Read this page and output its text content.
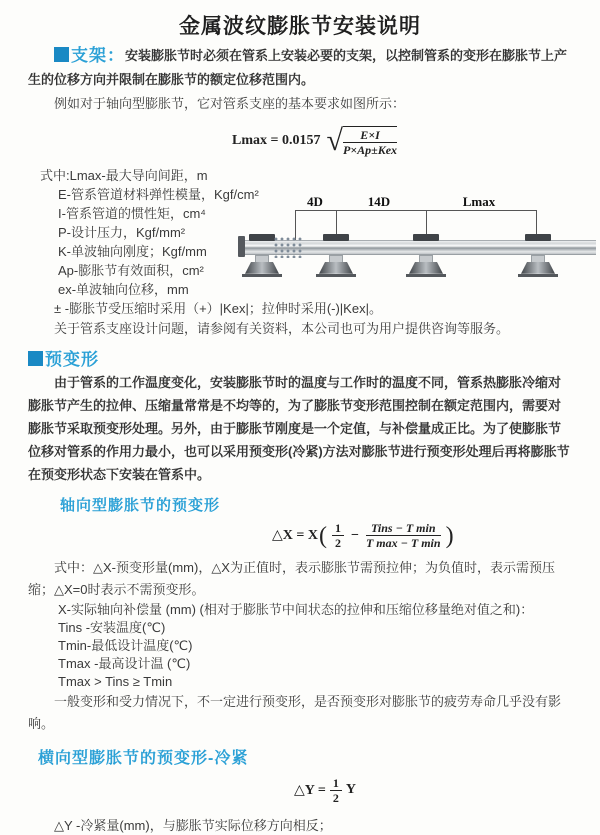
金属波纹膨胀节安装说明

支架：安装膨胀节时必须在管系上安装必要的支架，以控制管系的变形在膨胀节上产生的位移方向并限制在膨胀节的额定位移范围内。

例如对于轴向型膨胀节，它对管系支座的基本要求如图所示：

Lmax = 0.0157 √ $\frac{E\times I}{\text{P×Ap±Kex}}$

式中:Lmax-最大导向间距，m

E-管系管道材料弹性模量，Kgf/cm²

I-管系管道的惯性矩，cm⁴

P-设计压力，Kgf/mm²

K-单波轴向刚度；Kgf/mm

Ap-膨胀节有效面积，cm²

ex-单波轴向位移，mm

± -膨胀节受压缩时采用（+）|Kex|；拉伸时采用(-)|Kex|。

关于管系支座设计问题，请参阅有关资料，本公司也可为用户提供咨询等服务。

4D	14D	Lmax

预变形

由于管系的工作温度变化，安装膨胀节时的温度与工作时的温度不同，管系热膨胀冷缩对膨胀节产生的拉伸、压缩量常常是不均等的，为了膨胀节变形范围控制在额定范围内，需要对膨胀节采取预变形处理。另外，由于膨胀节刚度是一个定值，与补偿量成正比。为了使膨胀节位移对管系的作用力最小，也可以采用预变形(冷紧)方法对膨胀节进行预变形处理后再将膨胀节在预变形状态下安装在管系中。

轴向型膨胀节的预变形
△X = X ( $\frac{1}{2} - \frac{\text{Tins − T min}}{\text{T max − T min}}$ )

式中：△X-预变形量(mm)，△X为正值时，表示膨胀节需预拉伸；为负值时，表示需预压缩；△X=0时表示不需预变形。

X-实际轴向补偿量 (mm) (相对于膨胀节中间状态的拉伸和压缩位移量绝对值之和)：

Tins -安装温度(℃)

Tmin-最低设计温度(℃)

Tmax -最高设计温 (℃)

Tmax > Tins ≥ Tmin

一般变形和受力情况下，不一定进行预变形，是否预变形对膨胀节的疲劳寿命几乎没有影响。

横向型膨胀节的预变形-冷紧
△Y = $\frac{1}{2}$ Y

△Y -冷紧量(mm)，与膨胀节实际位移方向相反；
